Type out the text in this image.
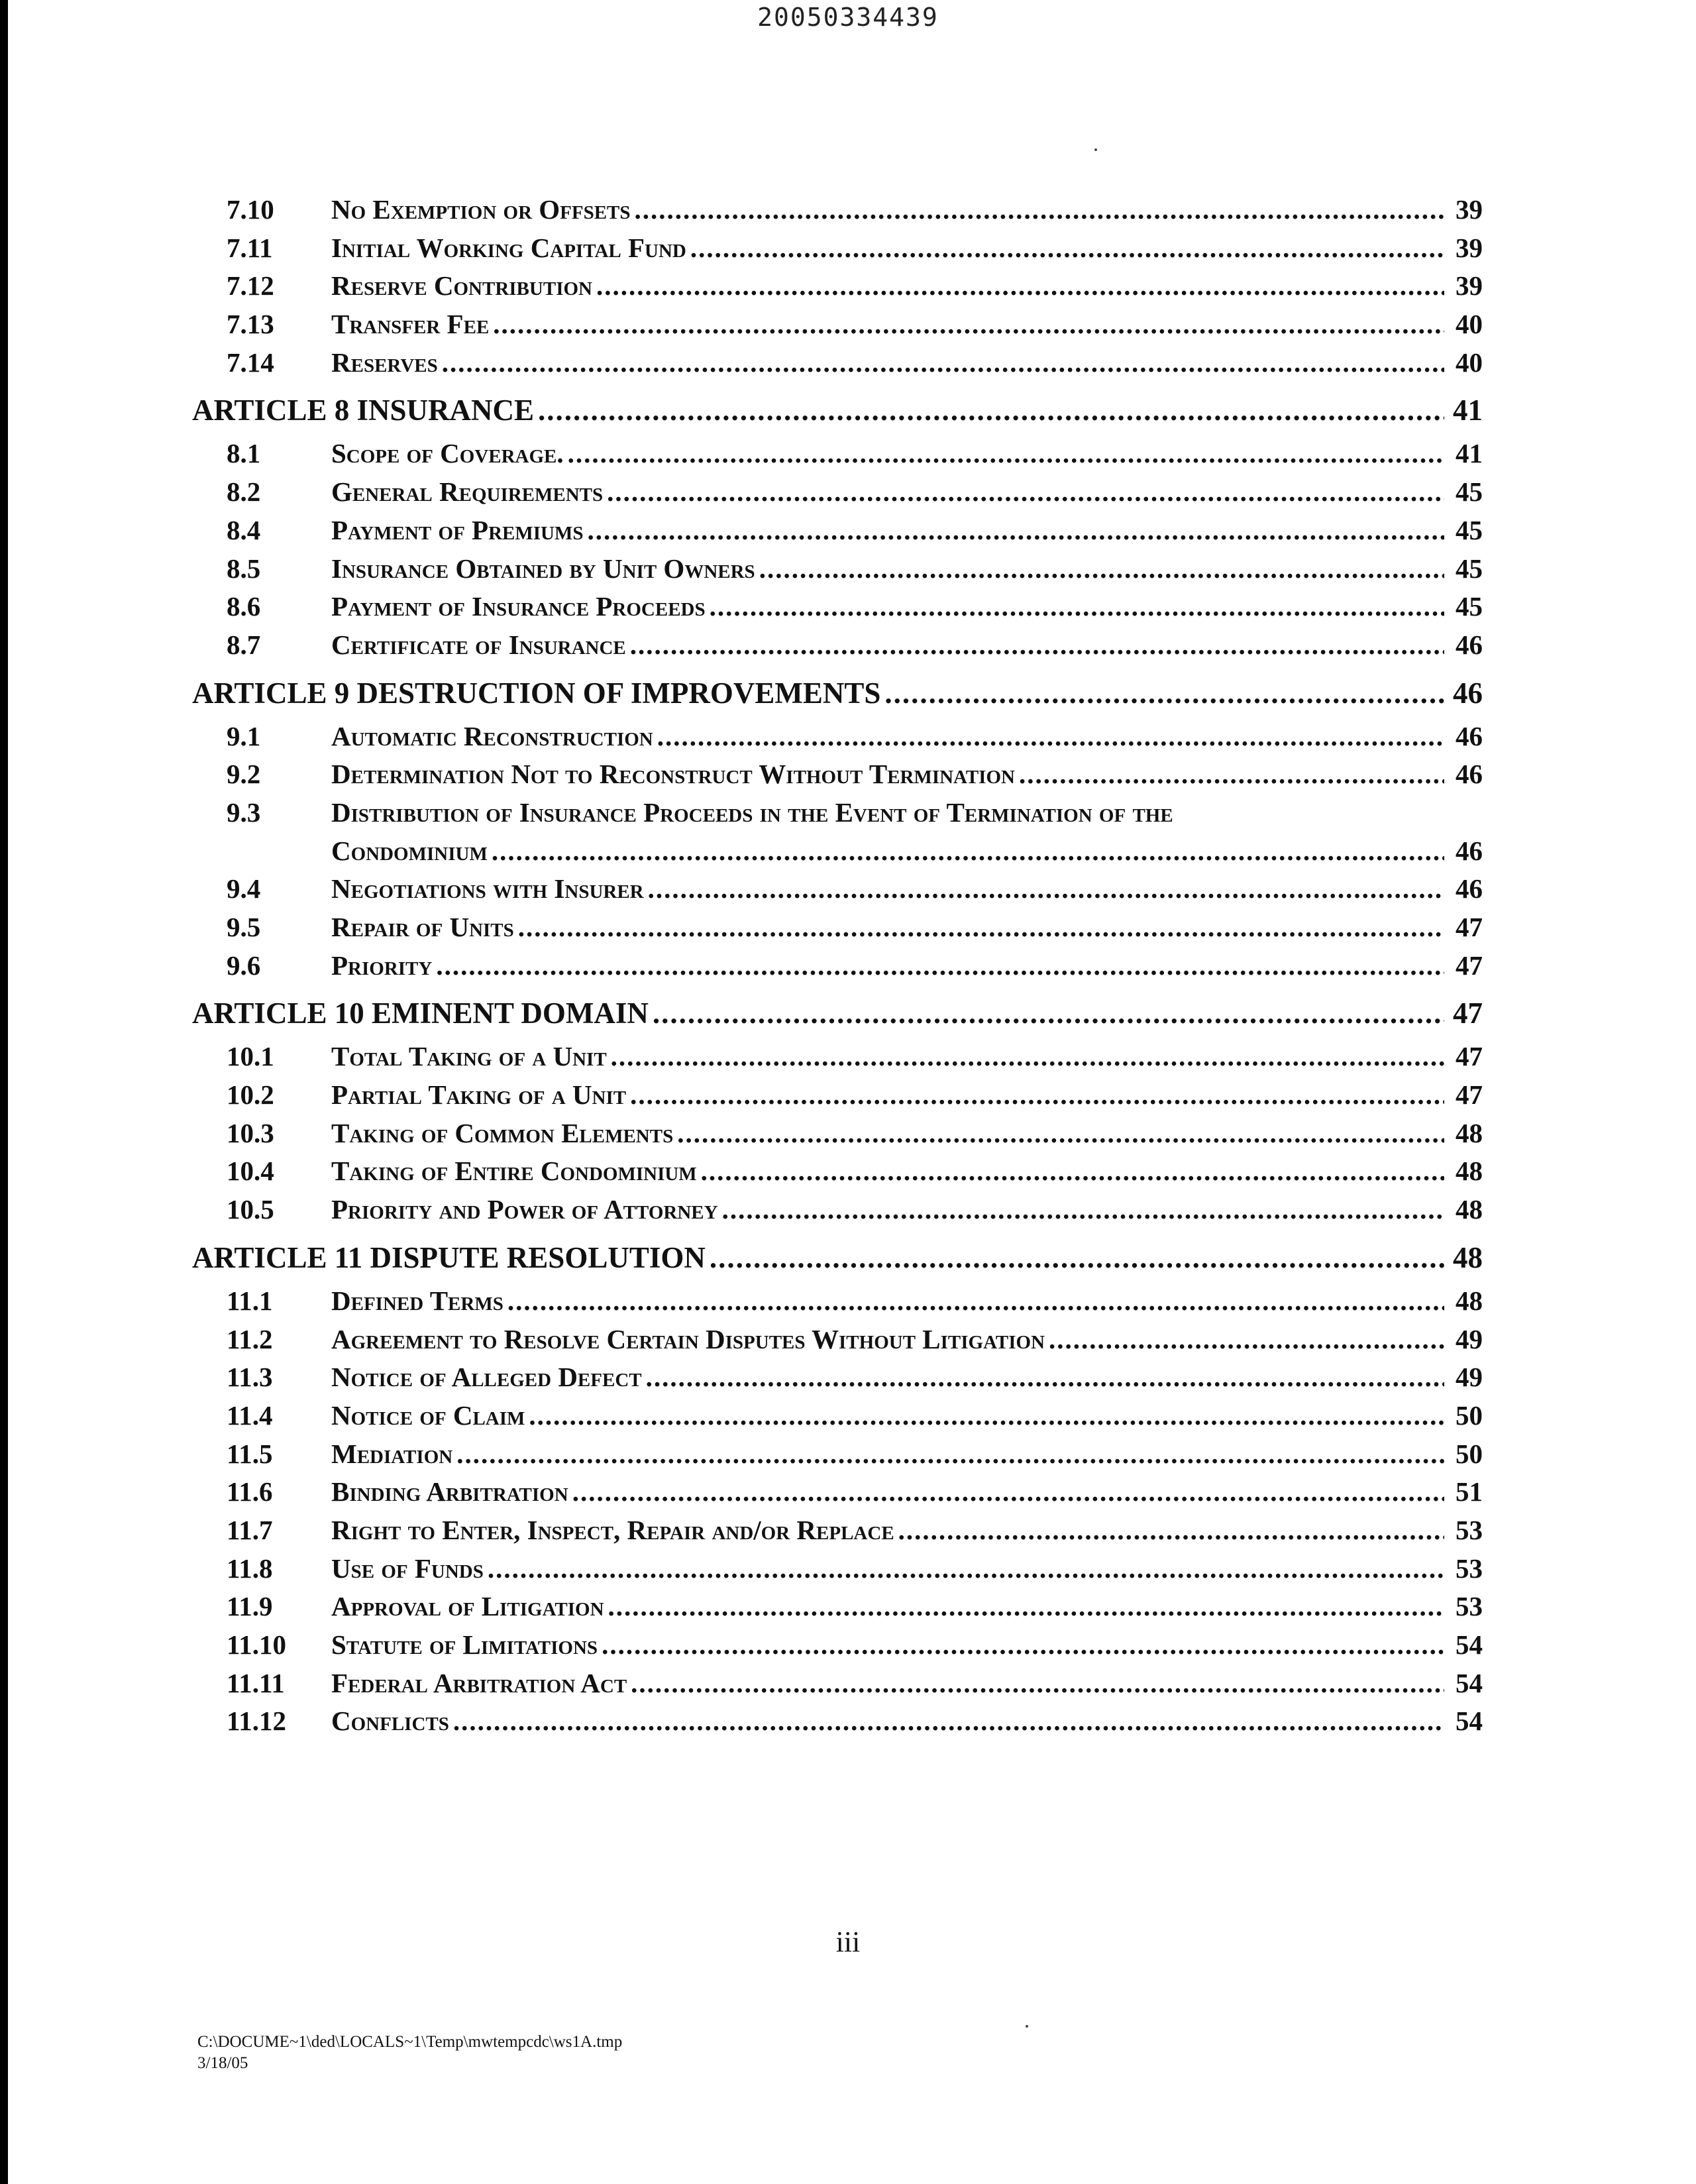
20050334439
7.10	No Exemption or Offsets .....	39
7.11	Initial Working Capital Fund .....	39
7.12	Reserve Contribution .....	39
7.13	Transfer Fee .....	40
7.14	Reserves .....	40
ARTICLE 8 INSURANCE .....	41
8.1	Scope of Coverage. .....	41
8.2	General Requirements .....	45
8.4	Payment of Premiums .....	45
8.5	Insurance Obtained by Unit Owners .....	45
8.6	Payment of Insurance Proceeds .....	45
8.7	Certificate of Insurance .....	46
ARTICLE 9 DESTRUCTION OF IMPROVEMENTS .....	46
9.1	Automatic Reconstruction .....	46
9.2	Determination Not to Reconstruct Without Termination .....	46
9.3	Distribution of Insurance Proceeds in the Event of Termination of the
Condominium .....	46
9.4	Negotiations with Insurer .....	46
9.5	Repair of Units .....	47
9.6	Priority .....	47
ARTICLE 10 EMINENT DOMAIN .....	47
10.1	Total Taking of a Unit .....	47
10.2	Partial Taking of a Unit .....	47
10.3	Taking of Common Elements .....	48
10.4	Taking of Entire Condominium .....	48
10.5	Priority and Power of Attorney .....	48
ARTICLE 11 DISPUTE RESOLUTION .....	48
11.1	Defined Terms .....	48
11.2	Agreement to Resolve Certain Disputes Without Litigation .....	49
11.3	Notice of Alleged Defect .....	49
11.4	Notice of Claim .....	50
11.5	Mediation .....	50
11.6	Binding Arbitration .....	51
11.7	Right to Enter, Inspect, Repair and/or Replace .....	53
11.8	Use of Funds .....	53
11.9	Approval of Litigation .....	53
11.10	Statute of Limitations .....	54
11.11	Federal Arbitration Act .....	54
11.12	Conflicts .....	54
iii
C:\DOCUME~1\ded\LOCALS~1\Temp\mwtempcdc\ws1A.tmp
3/18/05
